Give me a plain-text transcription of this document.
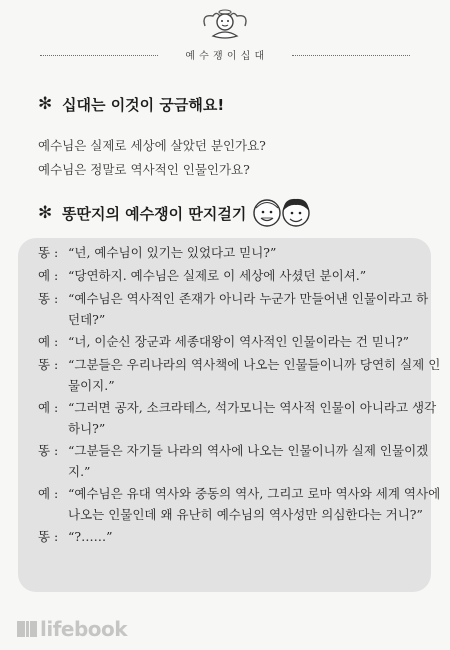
예 수 쟁 이 십 대
✻ 십대는 이것이 궁금해요!
예수님은 실제로 세상에 살았던 분인가요?
예수님은 정말로 역사적인 인물인가요?
✻ 똥딴지의 예수쟁이 딴지걸기
똥 : “넌, 예수님이 있기는 있었다고 믿니?”
예 : “당연하지. 예수님은 실제로 이 세상에 사셨던 분이셔.”
똥 : “예수님은 역사적인 존재가 아니라 누군가 만들어낸 인물이라고 하
던데?”
예 : “너, 이순신 장군과 세종대왕이 역사적인 인물이라는 건 믿니?”
똥 : “그분들은 우리나라의 역사책에 나오는 인물들이니까 당연히 실제 인
물이지.”
예 : “그러면 공자, 소크라테스, 석가모니는 역사적 인물이 아니라고 생각
하니?”
똥 : “그분들은 자기들 나라의 역사에 나오는 인물이니까 실제 인물이겠
지.”
예 : “예수님은 유대 역사와 중동의 역사, 그리고 로마 역사와 세계 역사에
나오는 인물인데 왜 유난히 예수님의 역사성만 의심한다는 거니?”
똥 : “?……”
lifebook
